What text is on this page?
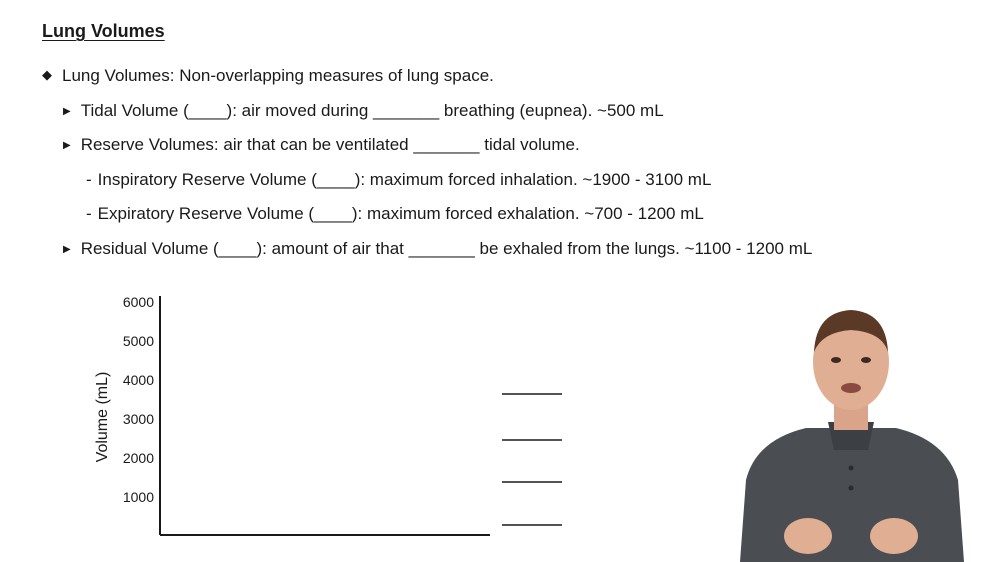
Lung Volumes
◆ Lung Volumes: Non-overlapping measures of lung space.
▶ Tidal Volume (____): air moved during _______ breathing (eupnea). ~500 mL
▶ Reserve Volumes: air that can be ventilated _______ tidal volume.
- Inspiratory Reserve Volume (____): maximum forced inhalation. ~1900 - 3100 mL
- Expiratory Reserve Volume (____): maximum forced exhalation. ~700 - 1200 mL
▶ Residual Volume (____): amount of air that _______ be exhaled from the lungs. ~1100 - 1200 mL
6000
5000
4000
3000
2000
1000
Volume (mL)
